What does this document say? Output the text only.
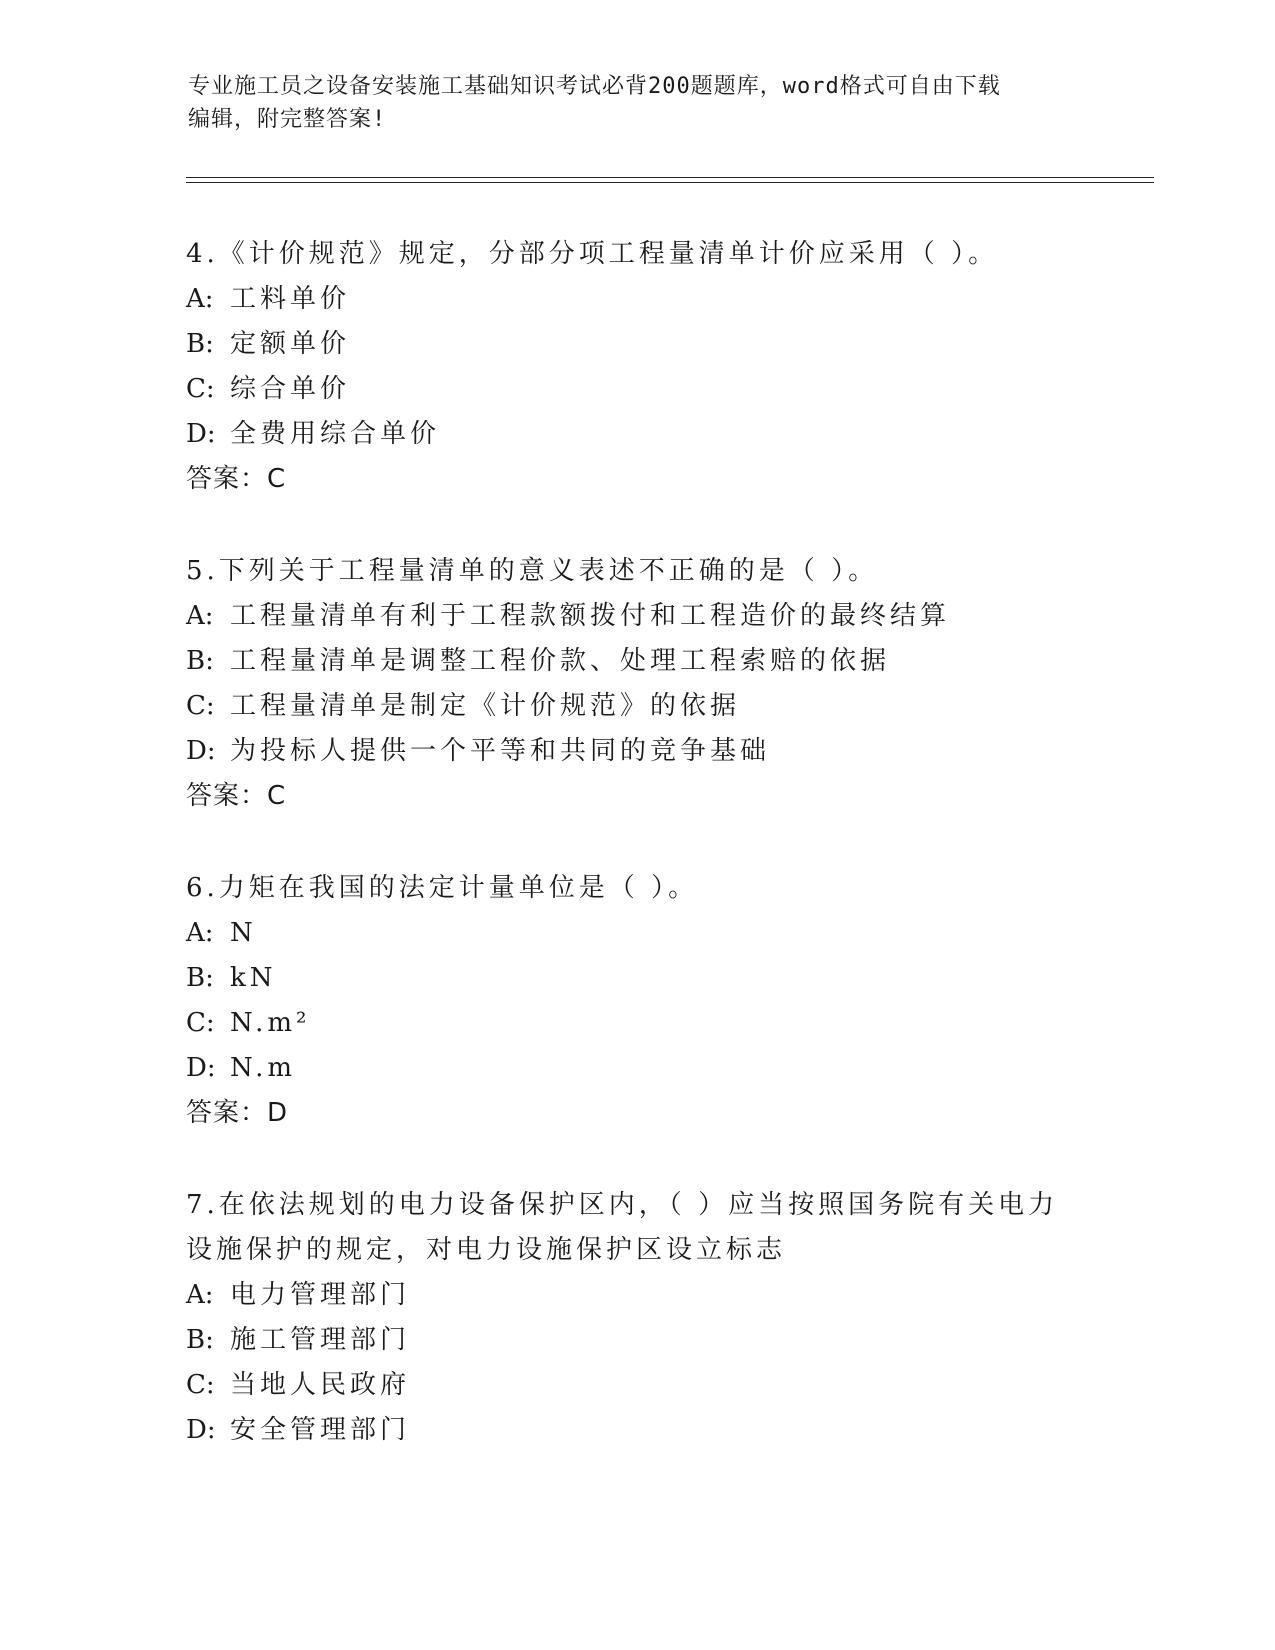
专业施工员之设备安装施工基础知识考试必背200题题库，word格式可自由下载
编辑，附完整答案!

4.《计价规范》规定，分部分项工程量清单计价应采用（ ）。

A: 工料单价

B: 定额单价

C: 综合单价

D: 全费用综合单价

答案：C

5.下列关于工程量清单的意义表述不正确的是（ ）。

A: 工程量清单有利于工程款额拨付和工程造价的最终结算

B: 工程量清单是调整工程价款、处理工程索赔的依据

C: 工程量清单是制定《计价规范》的依据

D: 为投标人提供一个平等和共同的竞争基础

答案：C

6.力矩在我国的法定计量单位是（ ）。

A: N

B: kN

C: N.m²

D: N.m

答案：D

7.在依法规划的电力设备保护区内，（ ）应当按照国务院有关电力设施保护的规定，对电力设施保护区设立标志

A: 电力管理部门

B: 施工管理部门

C: 当地人民政府

D: 安全管理部门
